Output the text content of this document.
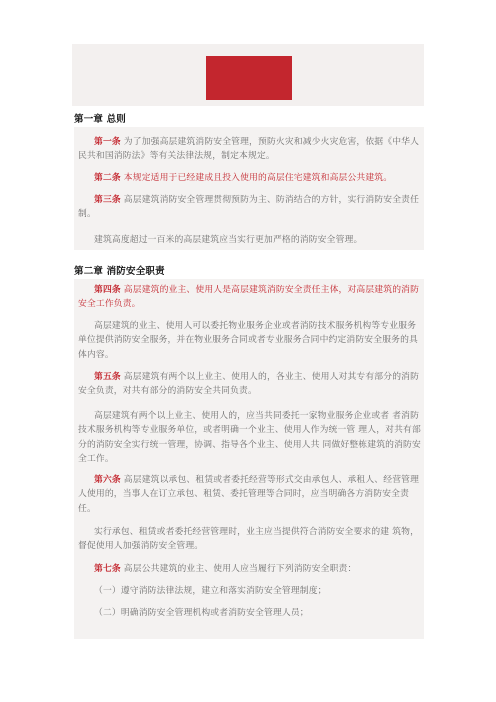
第一章 总则
第一条 为了加强高层建筑消防安全管理，预防火灾和减少火灾危害，依据《中华人民共和国消防法》等有关法律法规，制定本规定。
第二条 本规定适用于已经建成且投入使用的高层住宅建筑和高层公共建筑。
第三条 高层建筑消防安全管理贯彻预防为主、防消结合的方针，实行消防安全责任制。
建筑高度超过一百米的高层建筑应当实行更加严格的消防安全管理。
第二章 消防安全职责
第四条 高层建筑的业主、使用人是高层建筑消防安全责任主体，对高层建筑的消防安全工作负责。
高层建筑的业主、使用人可以委托物业服务企业或者消防技术服务机构等专业服务单位提供消防安全服务，并在物业服务合同或者专业服务合同中约定消防安全服务的具体内容。
第五条 高层建筑有两个以上业主、使用人的，各业主、使用人对其专有部分的消防安全负责，对共有部分的消防安全共同负责。
高层建筑有两个以上业主、使用人的，应当共同委托一家物业服务企业或者 者消防技术服务机构等专业服务单位，或者明确一个业主、使用人作为统一管 理人，对共有部分的消防安全实行统一管理，协调、指导各个业主、使用人共 同做好整栋建筑的消防安全工作。
第六条 高层建筑以承包、租赁或者委托经营等形式交由承包人、承租人、经营管理人使用的，当事人在订立承包、租赁、委托管理等合同时，应当明确各方消防安全责任。
实行承包、租赁或者委托经营管理时，业主应当提供符合消防安全要求的建 筑物，督促使用人加强消防安全管理。
第七条 高层公共建筑的业主、使用人应当履行下列消防安全职责：
（一）遵守消防法律法规，建立和落实消防安全管理制度；
（二）明确消防安全管理机构或者消防安全管理人员；
